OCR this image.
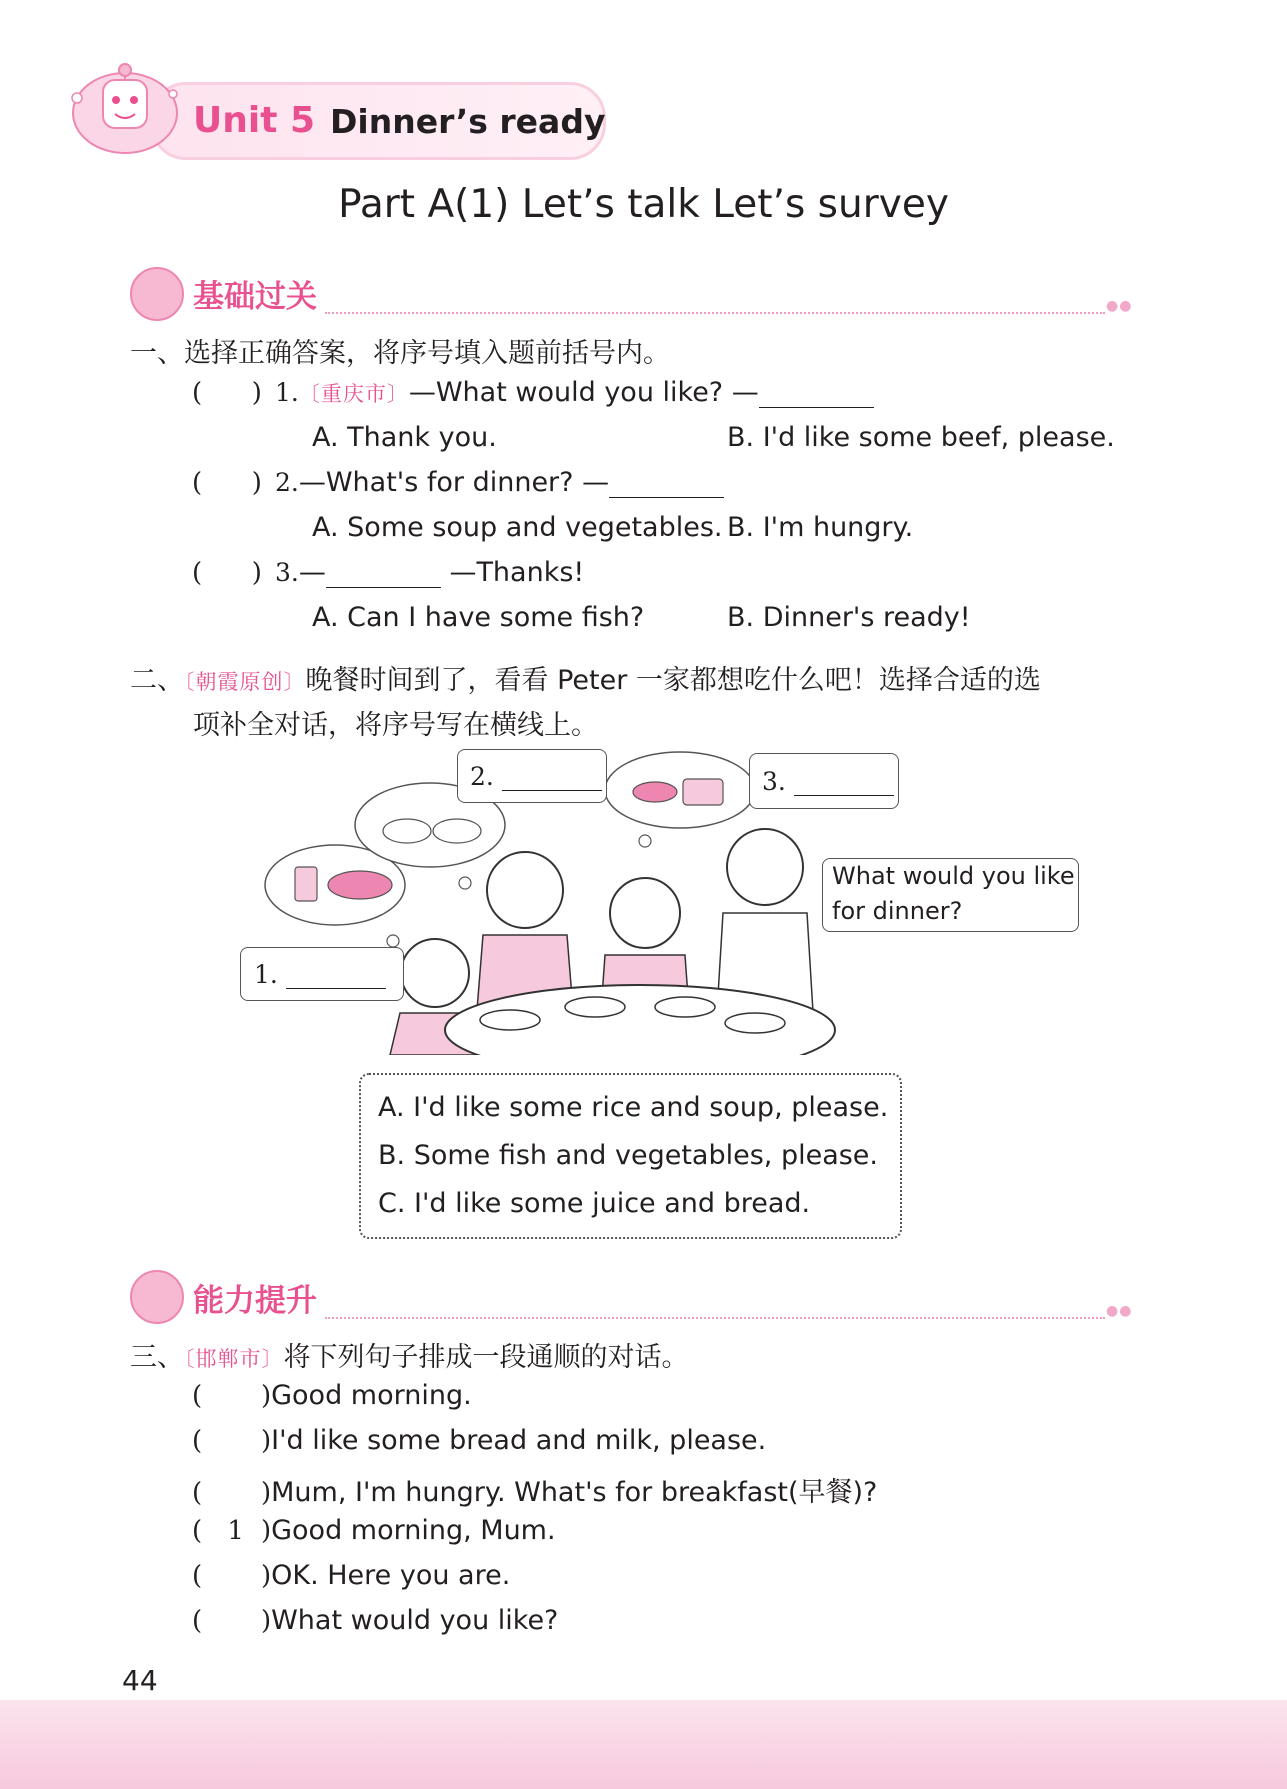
Unit 5 Dinner’s ready
Part A(1) Let’s talk Let’s survey
基础过关	●●
一、选择正确答案，将序号填入题前括号内。
(      ) 1.〔重庆市〕—What would you like? —
A. Thank you.	B. I'd like some beef, please.
(      ) 2.—What's for dinner? —
A. Some soup and vegetables. B. I'm hungry.
(      ) 3.—	—Thanks!
A. Can I have some fish?	B. Dinner's ready!
二、〔朝霞原创〕晚餐时间到了，看看 Peter 一家都想吃什么吧！选择合适的选
项补全对话，将序号写在横线上。
1.
2.	3.
What would you like
for dinner?
A. I'd like some rice and soup, please.
B. Some fish and vegetables, please.
C. I'd like some juice and bread.
能力提升	●●
三、〔邯郸市〕将下列句子排成一段通顺的对话。
(   )Good morning.
(   )I'd like some bread and milk, please.
(   )Mum, I'm hungry. What's for breakfast(早餐)?
(  1 )Good morning, Mum.
(   )OK. Here you are.
(   )What would you like?
44
